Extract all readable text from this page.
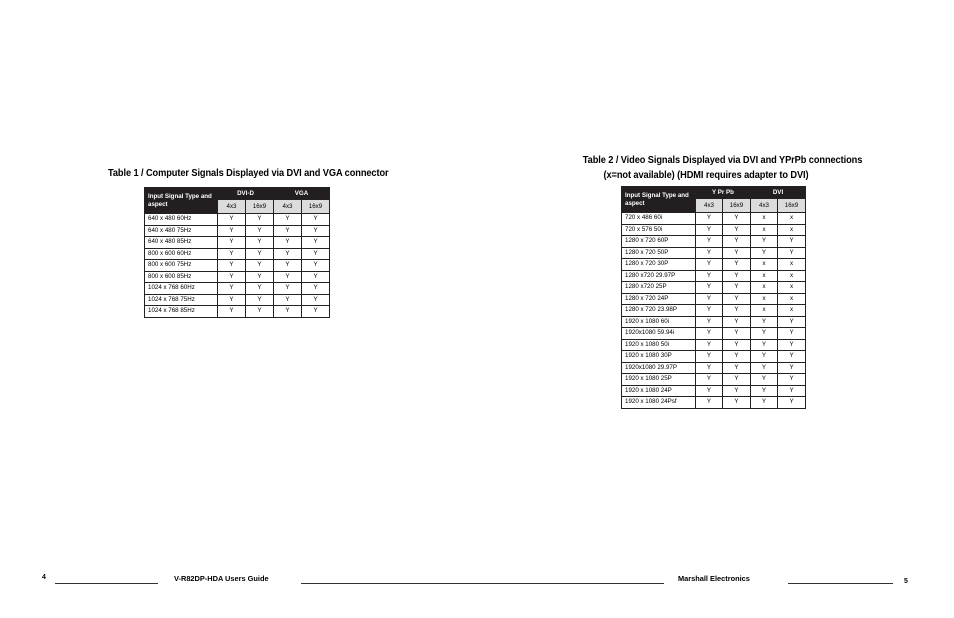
Table 1 / Computer Signals Displayed via DVI and VGA connector
Input Signal Type and aspect	DVI-D		VGA	
	4x3	16x9	4x3	16x9
640 x 480 60Hz	Y	Y	Y	Y
640 x 480 75Hz	Y	Y	Y	Y
640 x 480 85Hz	Y	Y	Y	Y
800 x 600 60Hz	Y	Y	Y	Y
800 x 600 75Hz	Y	Y	Y	Y
800 x 600 85Hz	Y	Y	Y	Y
1024 x 768 60Hz	Y	Y	Y	Y
1024 x 768 75Hz	Y	Y	Y	Y
1024 x 768 85Hz	Y	Y	Y	Y
Table 2 / Video Signals Displayed via DVI and YPrPb connections
(x=not available) (HDMI requires adapter to DVI)
Input Signal Type and aspect	Y Pr Pb		DVI	
	4x3	16x9	4x3	16x9
720 x 486 60i	Y	Y	x	x
720 x 576 50i	Y	Y	x	x
1280 x 720 60P	Y	Y	Y	Y
1280 x 720 50P	Y	Y	Y	Y
1280 x 720 30P	Y	Y	x	x
1280 x720 29.97P	Y	Y	x	x
1280 x720 25P	Y	Y	x	x
1280 x 720 24P	Y	Y	x	x
1280 x 720 23.98P	Y	Y	x	x
1920 x 1080 60i	Y	Y	Y	Y
1920x1080 59.94i	Y	Y	Y	Y
1920 x 1080 50i	Y	Y	Y	Y
1920 x 1080 30P	Y	Y	Y	Y
1920x1080 29.97P	Y	Y	Y	Y
1920 x 1080 25P	Y	Y	Y	Y
1920 x 1080 24P	Y	Y	Y	Y
1920 x 1080 24Psf	Y	Y	Y	Y
4	V-R82DP-HDA Users Guide	Marshall Electronics	5
